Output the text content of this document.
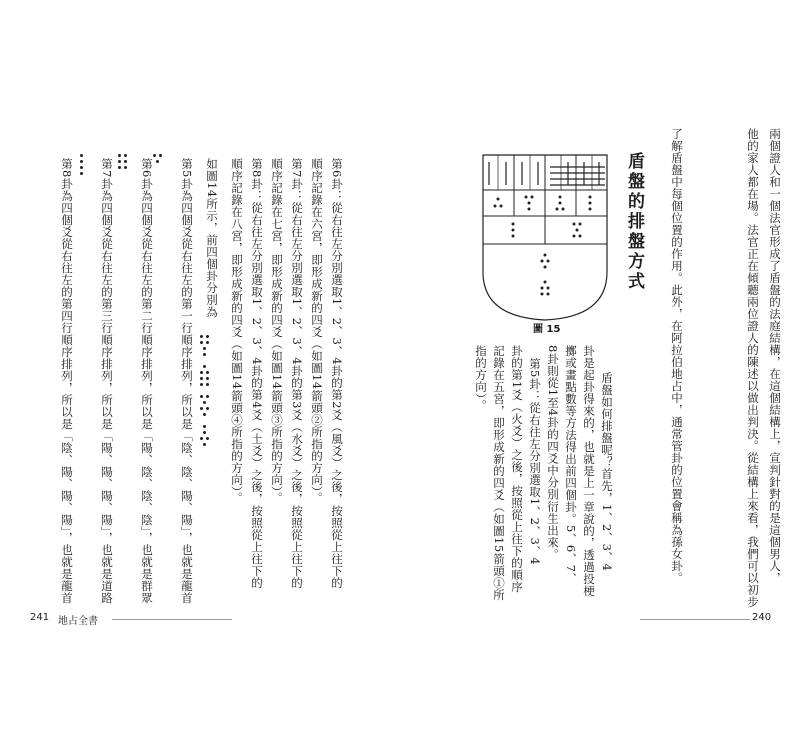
兩個證人和一個法官形成了盾盤的法庭結構，在這個結構上，宣判針對的是這個男人，
他的家人都在場。法官正在傾聽兩位證人的陳述以做出判決。從結構上來看，我們可以初步
了解盾盤中每個位置的作用。此外，在阿拉伯地占中，通常管卦的位置會稱為孫女卦。
盾盤的排盤方式
盾盤如何排盤呢？首先，1、2、3、4
卦是起卦得來的，也就是上一章說的，透過投梗
擲或畫點數等方法得出前四個卦。5、6、7、
8卦則從1至4卦的四爻中分別衍生出來。
第5卦：從右往左分別選取1、2、3、4
卦的第1爻（火爻）之後，按照從上往下的順序
記錄在五宮，即形成新的四爻（如圖15箭頭①所
指的方向）。
圖 15
240
第6卦：從右往左分別選取1、2、3、4卦的第2爻（風爻）之後，按照從上往下的
順序記錄在六宮，即形成新的四爻（如圖14箭頭②所指的方向）。
第7卦：從右往左分別選取1、2、3、4卦的第3爻（水爻）之後，按照從上往下的
順序記錄在七宮，即形成新的四爻（如圖14箭頭③所指的方向）。
第8卦：從右往左分別選取1、2、3、4卦的第4爻（土爻）之後，按照從上往下的
順序記錄在八宮，即形成新的四爻（如圖14箭頭④所指的方向）。
如圖14所示，前四個卦分別為
第5卦為四個爻從右往左的第一行順序排列，所以是「陰、陰、陽、陽」，也就是龍首
第6卦為四個爻從右往左的第二行順序排列，所以是「陽、陰、陰、陰」，也就是群眾
第7卦為四個爻從右往左的第三行順序排列，所以是「陽、陽、陽、陽」，也就是道路
第8卦為四個爻從右往左的第四行順序排列，所以是「陰、陽、陽、陽」，也就是龍首
241 地占全書
